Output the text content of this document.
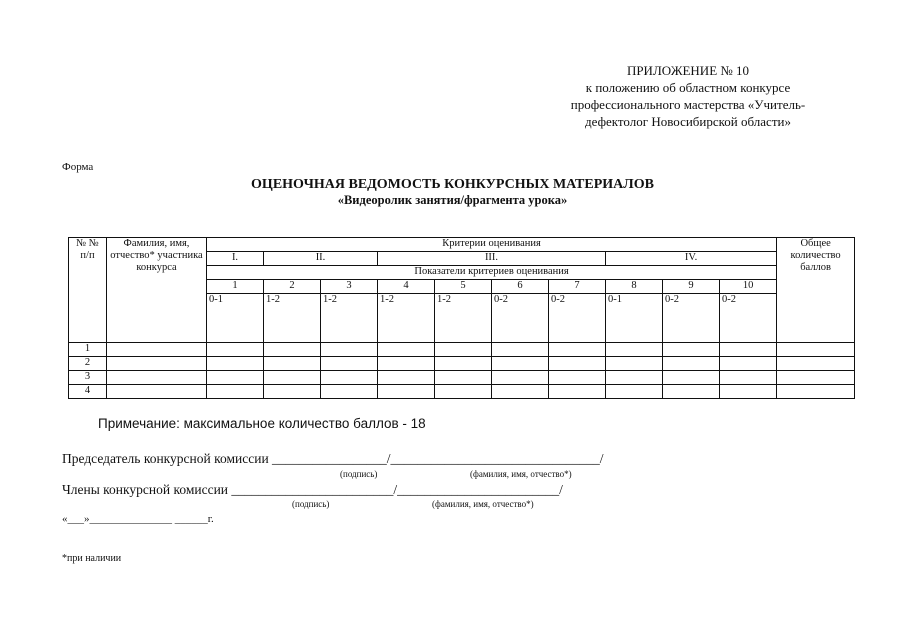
ПРИЛОЖЕНИЕ № 10
к положению об областном конкурсе
профессионального мастерства «Учитель-
дефектолог Новосибирской области»
Форма
ОЦЕНОЧНАЯ ВЕДОМОСТЬ КОНКУРСНЫХ МАТЕРИАЛОВ
«Видеоролик занятия/фрагмента урока»
№ № п/п	Фамилия, имя, отчество* участника конкурса	Критерии оценивания										Общее количество баллов
		I.	II.		III.				IV.			
		Показатели критериев оценивания										
		1	2	3	4	5	6	7	8	9	10	
		0-1	1-2	1-2	1-2	1-2	0-2	0-2	0-1	0-2	0-2	
1												
2												
3												
4												
Примечание: максимальное количество баллов - 18
Председатель конкурсной комиссии _________________/_______________________________/
(подпись)	(фамилия, имя, отчество*)
Члены конкурсной комиссии ________________________/________________________/
(подпись)	(фамилия, имя, отчество*)
«___»_______________ ______г.
*при наличии
